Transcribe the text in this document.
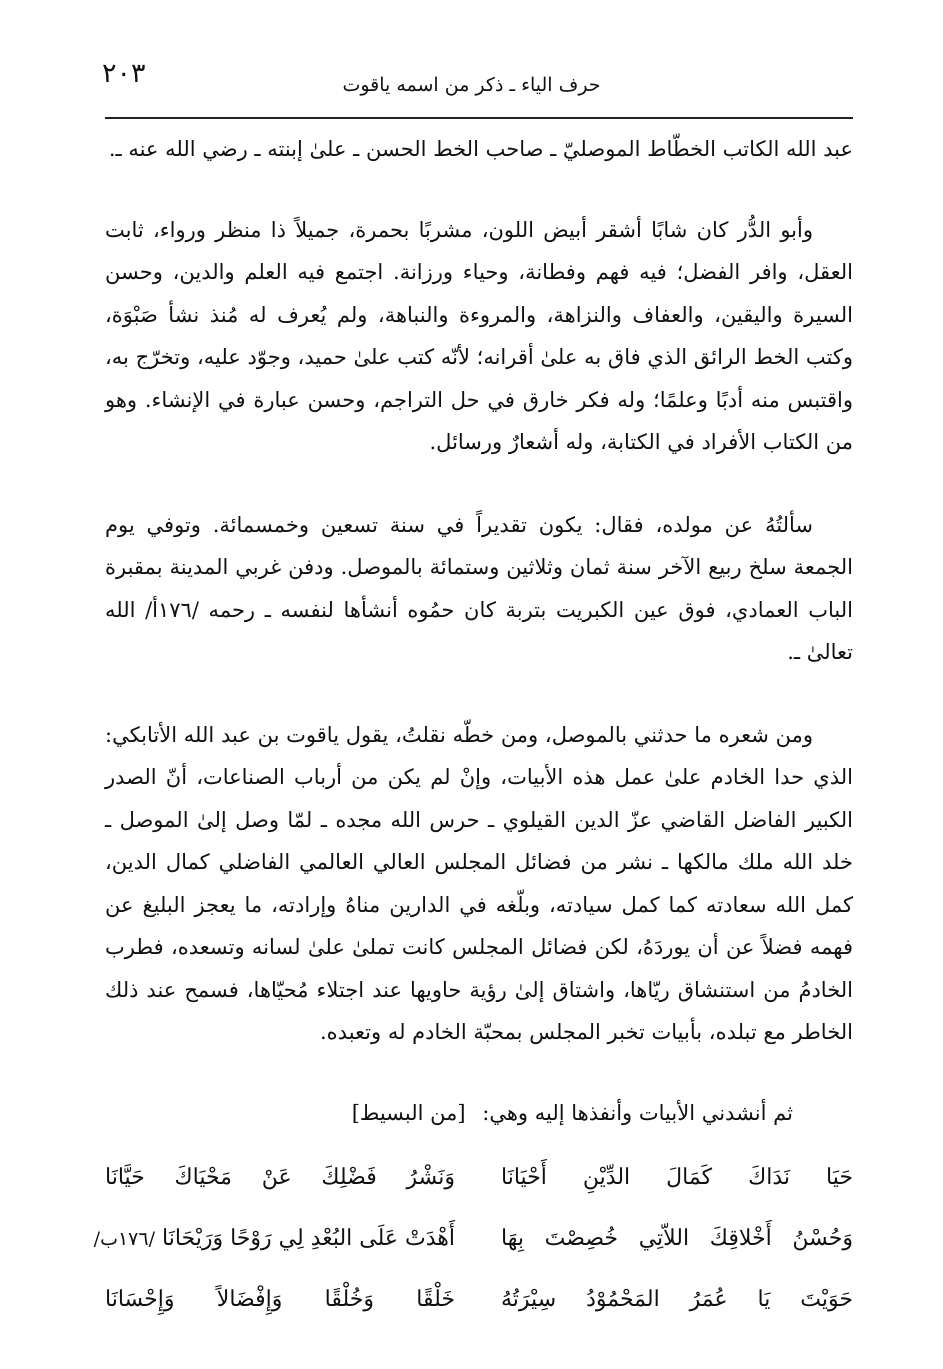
٢٠٣	حرف الياء ـ ذكر من اسمه ياقوت

عبد الله الكاتب الخطّاط الموصليّ ـ صاحب الخط الحسن ـ علىٰ إبنته ـ رضي الله عنه ـ.

وأبو الدُّر كان شابًا أشقر أبيض اللون، مشربًا بحمرة، جميلاً ذا منظر ورواء، ثابت العقل، وافر الفضل؛ فيه فهم وفطانة، وحياء ورزانة. اجتمع فيه العلم والدين، وحسن السيرة واليقين، والعفاف والنزاهة، والمروءة والنباهة، ولم يُعرف له مُنذ نشأ صَبْوَة، وكتب الخط الرائق الذي فاق به علىٰ أقرانه؛ لأنّه كتب علىٰ حميد، وجوّد عليه، وتخرّج به، واقتبس منه أدبًا وعلمًا؛ وله فكر خارق في حل التراجم، وحسن عبارة في الإنشاء. وهو من الكتاب الأفراد في الكتابة، وله أشعارٌ ورسائل.

سألتُهُ عن مولده، فقال: يكون تقديراً في سنة تسعين وخمسمائة. وتوفي يوم الجمعة سلخ ربيع الآخر سنة ثمان وثلاثين وستمائة بالموصل. ودفن غربي المدينة بمقبرة الباب العمادي، فوق عين الكبريت بتربة كان حمُوه أنشأها لنفسه ـ رحمه /١٧٦أ/ الله تعالىٰ ـ.

ومن شعره ما حدثني بالموصل، ومن خطّه نقلتُ، يقول ياقوت بن عبد الله الأتابكي: الذي حدا الخادم علىٰ عمل هذه الأبيات، وإنْ لم يكن من أرباب الصناعات، أنّ الصدر الكبير الفاضل القاضي عزّ الدين القيلوي ـ حرس الله مجده ـ لمّا وصل إلىٰ الموصل ـ خلد الله ملك مالكها ـ نشر من فضائل المجلس العالي العالمي الفاضلي كمال الدين، كمل الله سعادته كما كمل سيادته، وبلّغه في الدارين مناهُ وإرادته، ما يعجز البليغ عن فهمه فضلاً عن أن يوردَهُ، لكن فضائل المجلس كانت تملىٰ علىٰ لسانه وتسعده، فطرب الخادمُ من استنشاق ريّاها، واشتاق إلىٰ رؤية حاويها عند اجتلاء مُحيّاها، فسمح عند ذلك الخاطر مع تبلده، بأبيات تخبر المجلس بمحبّة الخادم له وتعبده.

ثم أنشدني الأبيات وأنفذها إليه وهي: [من البسيط]

حَيَا نَدَاكَ كَمَالَ الدِّيْنِ أَحْيَانَا
وَنَشْرُ فَضْلِكَ عَنْ مَحْيَاكَ حَيَّانَا
وَحُسْنُ أَخْلاقِكَ اللاّتِي خُصِصْتَ بِهَا
أَهْدَتْ عَلَى البُعْدِ لِي رَوْحًا وَرَيْحَانَا /١٧٦ب/
حَوَيْتَ يَا عُمَرُ المَحْمُوْدُ سِيْرَتُهُ
خَلْقًا وَخُلْقًا وَإِفْضَالاً وَإِحْسَانَا
